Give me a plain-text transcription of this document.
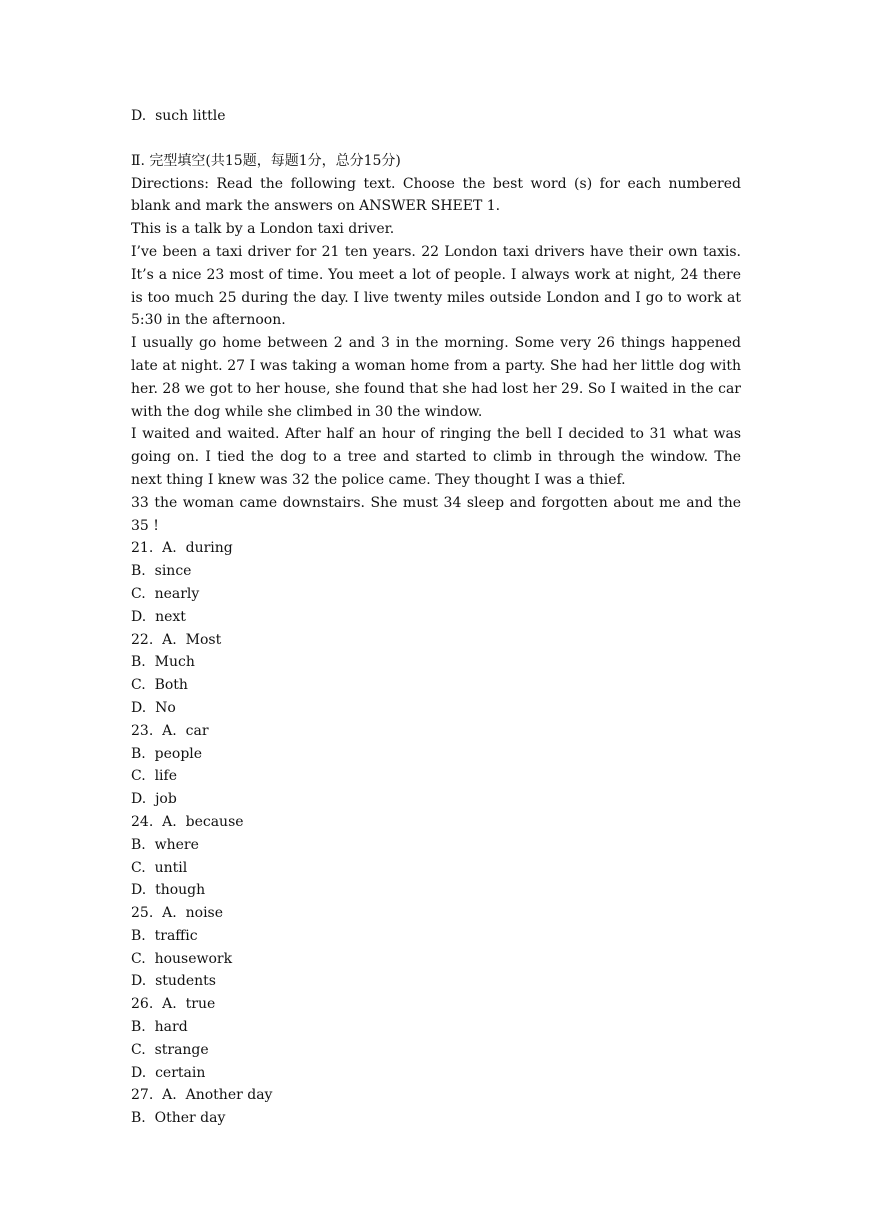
D.  such little
Ⅱ. 完型填空(共15题，每题1分，总分15分)
Directions: Read the following text. Choose the best word (s) for each numbered blank and mark the answers on ANSWER SHEET 1.
This is a talk by a London taxi driver.
I’ve been a taxi driver for 21 ten years. 22 London taxi drivers have their own taxis. It’s a nice 23 most of time. You meet a lot of people. I always work at night, 24 there is too much 25 during the day. I live twenty miles outside London and I go to work at 5:30 in the afternoon.
I usually go home between 2 and 3 in the morning. Some very 26 things happened late at night. 27 I was taking a woman home from a party. She had her little dog with her. 28 we got to her house, she found that she had lost her 29. So I waited in the car with the dog while she climbed in 30 the window.
I waited and waited. After half an hour of ringing the bell I decided to 31 what was going on. I tied the dog to a tree and started to climb in through the window. The next thing I knew was 32 the police came. They thought I was a thief.
33 the woman came downstairs. She must 34 sleep and forgotten about me and the 35 !
21.  A.  during
B.  since
C.  nearly
D.  next
22.  A.  Most
B.  Much
C.  Both
D.  No
23.  A.  car
B.  people
C.  life
D.  job
24.  A.  because
B.  where
C.  until
D.  though
25.  A.  noise
B.  traffic
C.  housework
D.  students
26.  A.  true
B.  hard
C.  strange
D.  certain
27.  A.  Another day
B.  Other day
